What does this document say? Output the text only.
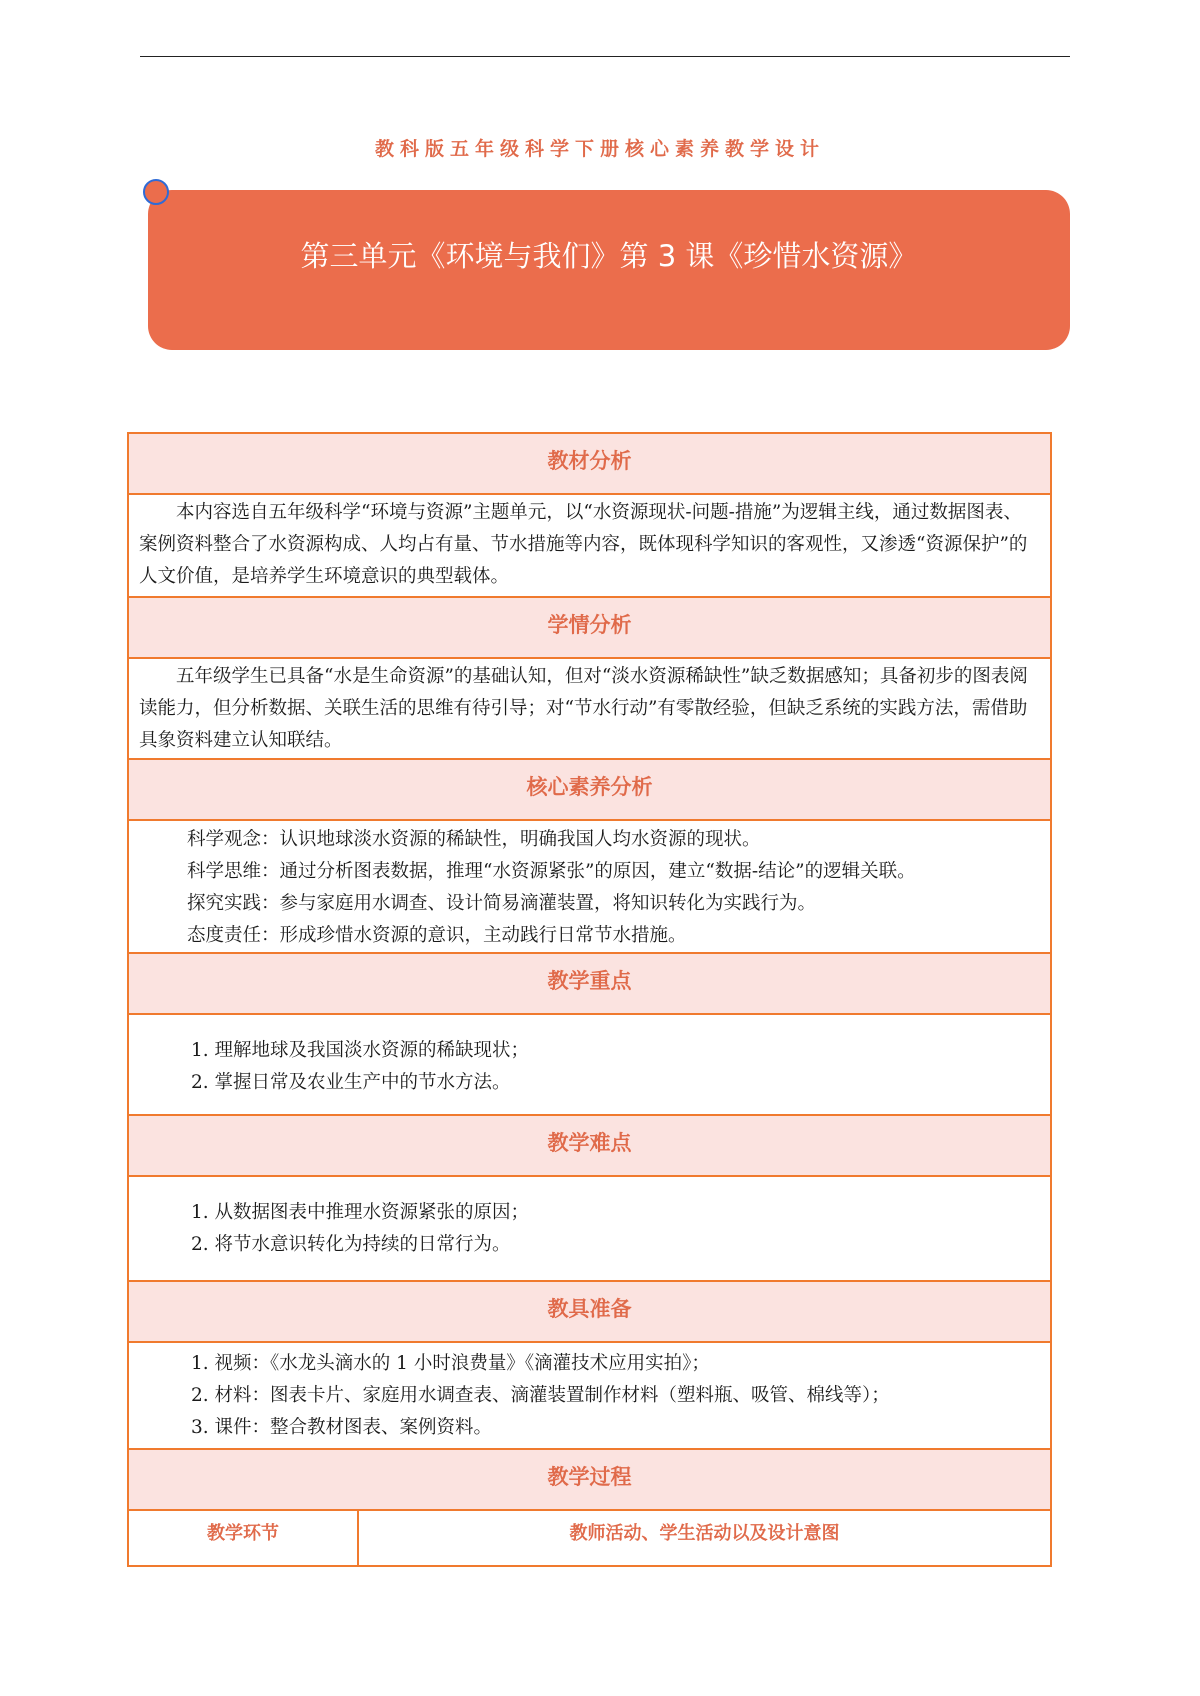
教科版五年级科学下册核心素养教学设计
第三单元《环境与我们》第 3 课《珍惜水资源》
教材分析

本内容选自五年级科学“环境与资源”主题单元，以“水资源现状-问题-措施”为逻辑主线，通过数据图表、案例资料整合了水资源构成、人均占有量、节水措施等内容，既体现科学知识的客观性，又渗透“资源保护”的人文价值，是培养学生环境意识的典型载体。

学情分析

五年级学生已具备“水是生命资源”的基础认知，但对“淡水资源稀缺性”缺乏数据感知；具备初步的图表阅读能力，但分析数据、关联生活的思维有待引导；对“节水行动”有零散经验，但缺乏系统的实践方法，需借助具象资料建立认知联结。

核心素养分析

科学观念：认识地球淡水资源的稀缺性，明确我国人均水资源的现状。

科学思维：通过分析图表数据，推理“水资源紧张”的原因，建立“数据-结论”的逻辑关联。

探究实践：参与家庭用水调查、设计简易滴灌装置，将知识转化为实践行为。

态度责任：形成珍惜水资源的意识，主动践行日常节水措施。

教学重点

1. 理解地球及我国淡水资源的稀缺现状；

2. 掌握日常及农业生产中的节水方法。

教学难点

1. 从数据图表中推理水资源紧张的原因；

2. 将节水意识转化为持续的日常行为。

教具准备

1. 视频：《水龙头滴水的 1 小时浪费量》《滴灌技术应用实拍》；

2. 材料：图表卡片、家庭用水调查表、滴灌装置制作材料（塑料瓶、吸管、棉线等）；

3. 课件：整合教材图表、案例资料。

教学过程
教学环节	教师活动、学生活动以及设计意图
